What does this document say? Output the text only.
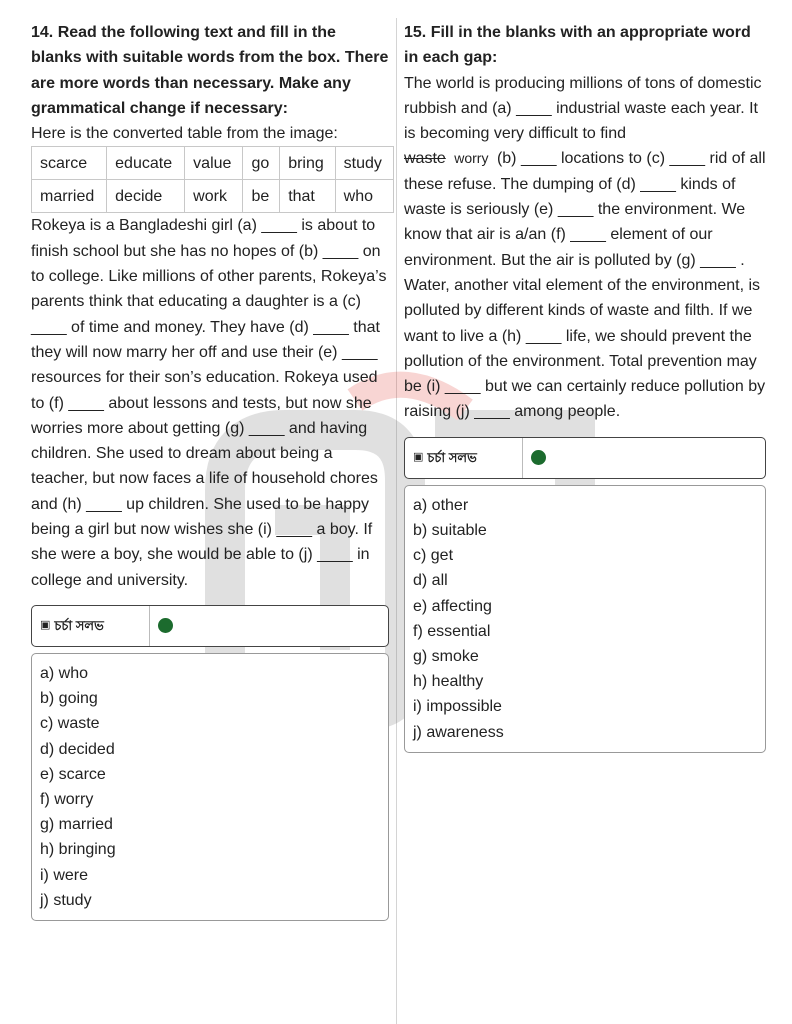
14. Read the following text and fill in the blanks with suitable words from the box. There are more words than necessary. Make any grammatical change if necessary:

Here is the converted table from the image:

scarce	educate	value	go	bring	study
married	decide	work	be	that	who

Rokeya is a Bangladeshi girl (a) ____ is about to finish school but she has no hopes of (b) ____ on to college. Like millions of other parents, Rokeya’s parents think that educating a daughter is a (c) ____ of time and money. They have (d) ____ that they will now marry her off and use their (e) ____ resources for their son’s education. Rokeya used to (f) ____ about lessons and tests, but now she worries more about getting (g) ____ and having children. She used to dream about being a teacher, but now faces a life of household chores and (h) ____ up children. She used to be happy being a girl but now wishes she (i) ____ a boy. If she were a boy, she would be able to (j) ____ in college and university.

▣ চর্চা সলভ
a) who
b) going
c) waste
d) decided
e) scarce
f) worry
g) married
h) bringing
i) were
j) study

15. Fill in the blanks with an appropriate word in each gap:

The world is producing millions of tons of domestic rubbish and (a) ____ industrial waste each year. It is becoming very difficult to find

waste worry (b) ____ locations to (c) ____ rid of all these refuse. The dumping of (d) ____ kinds of waste is seriously (e) ____ the environment. We know that air is a/an (f) ____ element of our environment. But the air is polluted by (g) ____ . Water, another vital element of the environment, is polluted by different kinds of waste and filth. If we want to live a (h) ____ life, we should prevent the pollution of the environment. Total prevention may be (i) ____ but we can certainly reduce pollution by raising (j) ____ among people.

▣ চর্চা সলভ
a) other
b) suitable
c) get
d) all
e) affecting
f) essential
g) smoke
h) healthy
i) impossible
j) awareness
